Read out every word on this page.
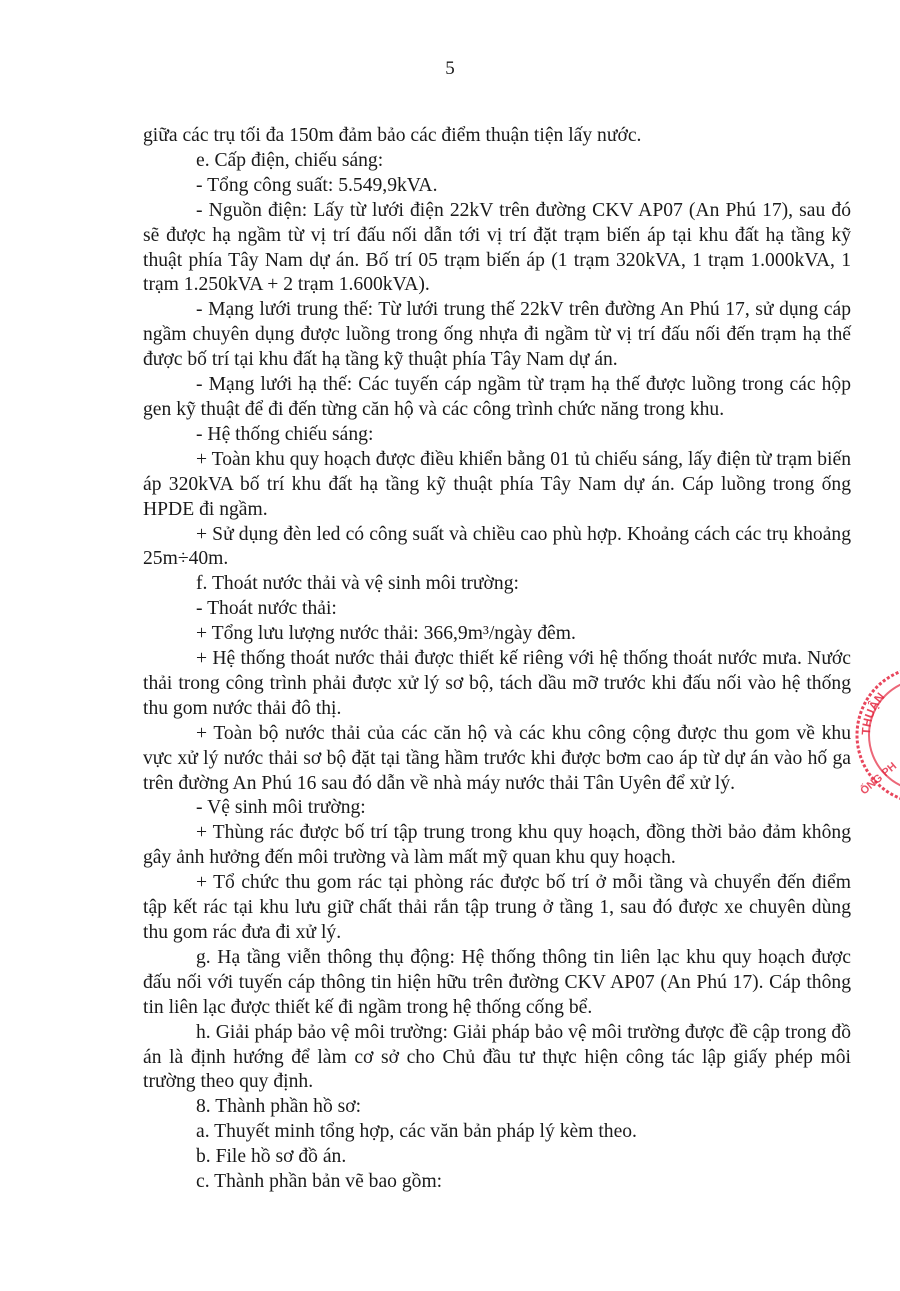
5

giữa các trụ tối đa 150m đảm bảo các điểm thuận tiện lấy nước.

e. Cấp điện, chiếu sáng:

- Tổng công suất: 5.549,9kVA.

- Nguồn điện: Lấy từ lưới điện 22kV trên đường CKV AP07 (An Phú 17), sau đó sẽ được hạ ngầm từ vị trí đấu nối dẫn tới vị trí đặt trạm biến áp tại khu đất hạ tầng kỹ thuật phía Tây Nam dự án. Bố trí 05 trạm biến áp (1 trạm 320kVA, 1 trạm 1.000kVA, 1 trạm 1.250kVA + 2 trạm 1.600kVA).

- Mạng lưới trung thế: Từ lưới trung thế 22kV trên đường An Phú 17, sử dụng cáp ngầm chuyên dụng được luồng trong ống nhựa đi ngầm từ vị trí đấu nối đến trạm hạ thế được bố trí tại khu đất hạ tầng kỹ thuật phía Tây Nam dự án.

- Mạng lưới hạ thế: Các tuyến cáp ngầm từ trạm hạ thế được luồng trong các hộp gen kỹ thuật để đi đến từng căn hộ và các công trình chức năng trong khu.

- Hệ thống chiếu sáng:

+ Toàn khu quy hoạch được điều khiển bằng 01 tủ chiếu sáng, lấy điện từ trạm biến áp 320kVA bố trí khu đất hạ tầng kỹ thuật phía Tây Nam dự án. Cáp luồng trong ống HPDE đi ngầm.

+ Sử dụng đèn led có công suất và chiều cao phù hợp. Khoảng cách các trụ khoảng 25m÷40m.

f. Thoát nước thải và vệ sinh môi trường:

- Thoát nước thải:

+ Tổng lưu lượng nước thải: 366,9m³/ngày đêm.

+ Hệ thống thoát nước thải được thiết kế riêng với hệ thống thoát nước mưa. Nước thải trong công trình phải được xử lý sơ bộ, tách dầu mỡ trước khi đấu nối vào hệ thống thu gom nước thải đô thị.

+ Toàn bộ nước thải của các căn hộ và các khu công cộng được thu gom về khu vực xử lý nước thải sơ bộ đặt tại tầng hầm trước khi được bơm cao áp từ dự án vào hố ga trên đường An Phú 16 sau đó dẫn về nhà máy nước thải Tân Uyên để xử lý.

- Vệ sinh môi trường:

+ Thùng rác được bố trí tập trung trong khu quy hoạch, đồng thời bảo đảm không gây ảnh hưởng đến môi trường và làm mất mỹ quan khu quy hoạch.

+ Tổ chức thu gom rác tại phòng rác được bố trí ở mỗi tầng và chuyển đến điểm tập kết rác tại khu lưu giữ chất thải rắn tập trung ở tầng 1, sau đó được xe chuyên dùng thu gom rác đưa đi xử lý.

g. Hạ tầng viễn thông thụ động: Hệ thống thông tin liên lạc khu quy hoạch được đấu nối với tuyến cáp thông tin hiện hữu trên đường CKV AP07 (An Phú 17). Cáp thông tin liên lạc được thiết kế đi ngầm trong hệ thống cống bể.

h. Giải pháp bảo vệ môi trường: Giải pháp bảo vệ môi trường được đề cập trong đồ án là định hướng để làm cơ sở cho Chủ đầu tư thực hiện công tác lập giấy phép môi trường theo quy định.

8. Thành phần hồ sơ:

a. Thuyết minh tổng hợp, các văn bản pháp lý kèm theo.

b. File hồ sơ đồ án.

c. Thành phần bản vẽ bao gồm:

THUẬN
ỐNG PH
